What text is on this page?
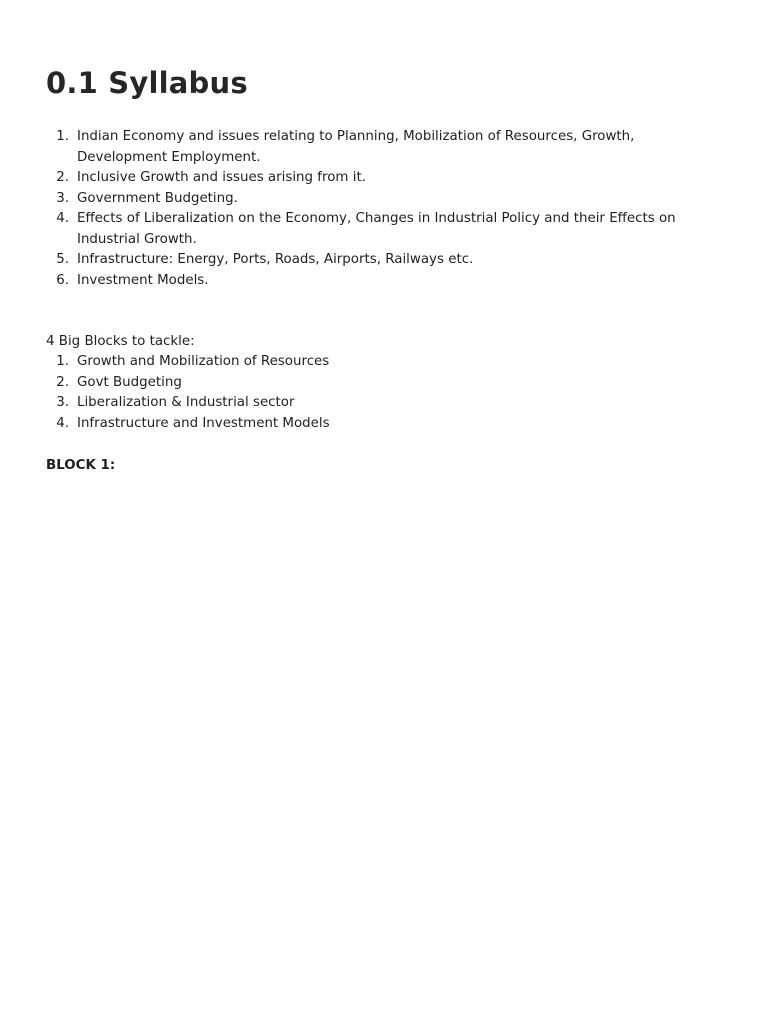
0.1 Syllabus
1. Indian Economy and issues relating to Planning, Mobilization of Resources, Growth, Development Employment.
2. Inclusive Growth and issues arising from it.
3. Government Budgeting.
4. Effects of Liberalization on the Economy, Changes in Industrial Policy and their Effects on Industrial Growth.
5. Infrastructure: Energy, Ports, Roads, Airports, Railways etc.
6. Investment Models.
4 Big Blocks to tackle:
1. Growth and Mobilization of Resources
2. Govt Budgeting
3. Liberalization & Industrial sector
4. Infrastructure and Investment Models
BLOCK 1:
